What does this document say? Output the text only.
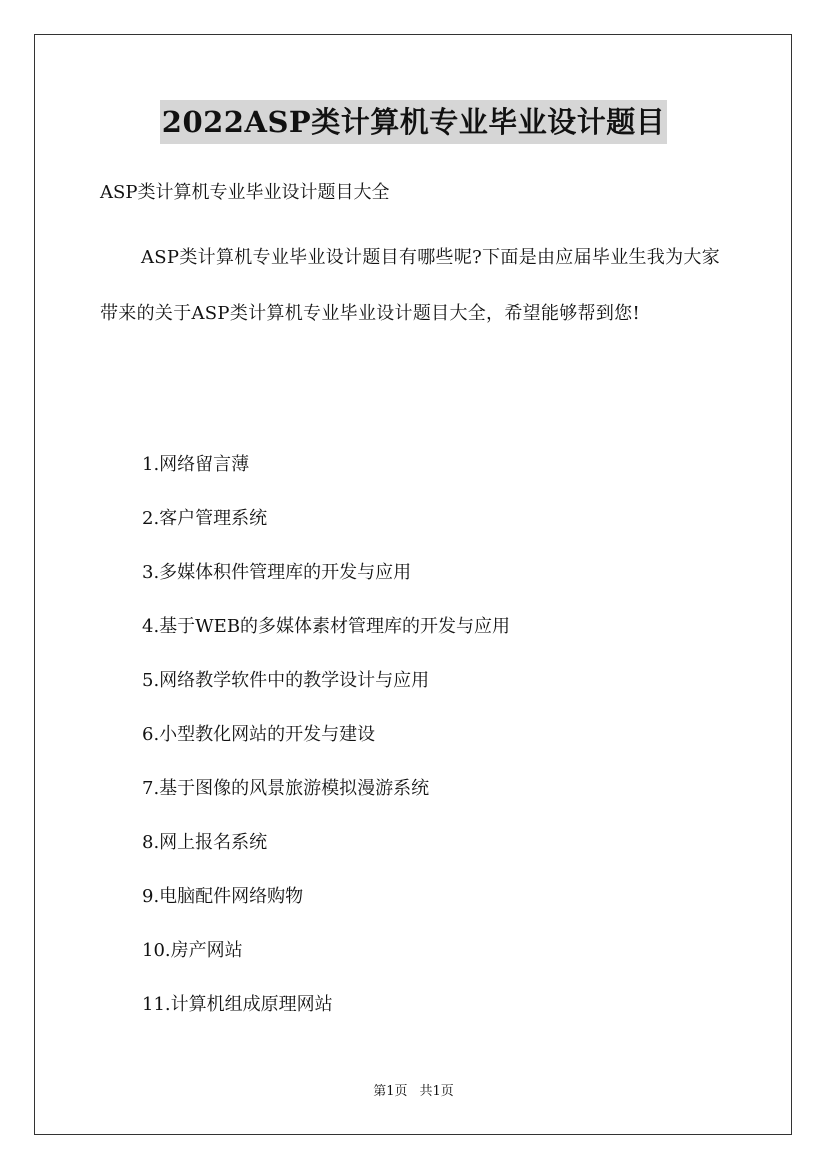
2022ASP类计算机专业毕业设计题目
ASP类计算机专业毕业设计题目大全

ASP类计算机专业毕业设计题目有哪些呢?下面是由应届毕业生我为大家带来的关于ASP类计算机专业毕业设计题目大全，希望能够帮到您!

1.网络留言薄
2.客户管理系统
3.多媒体积件管理库的开发与应用
4.基于WEB的多媒体素材管理库的开发与应用
5.网络教学软件中的教学设计与应用
6.小型教化网站的开发与建设
7.基于图像的风景旅游模拟漫游系统
8.网上报名系统
9.电脑配件网络购物
10.房产网站
11.计算机组成原理网站
第1页 共1页
